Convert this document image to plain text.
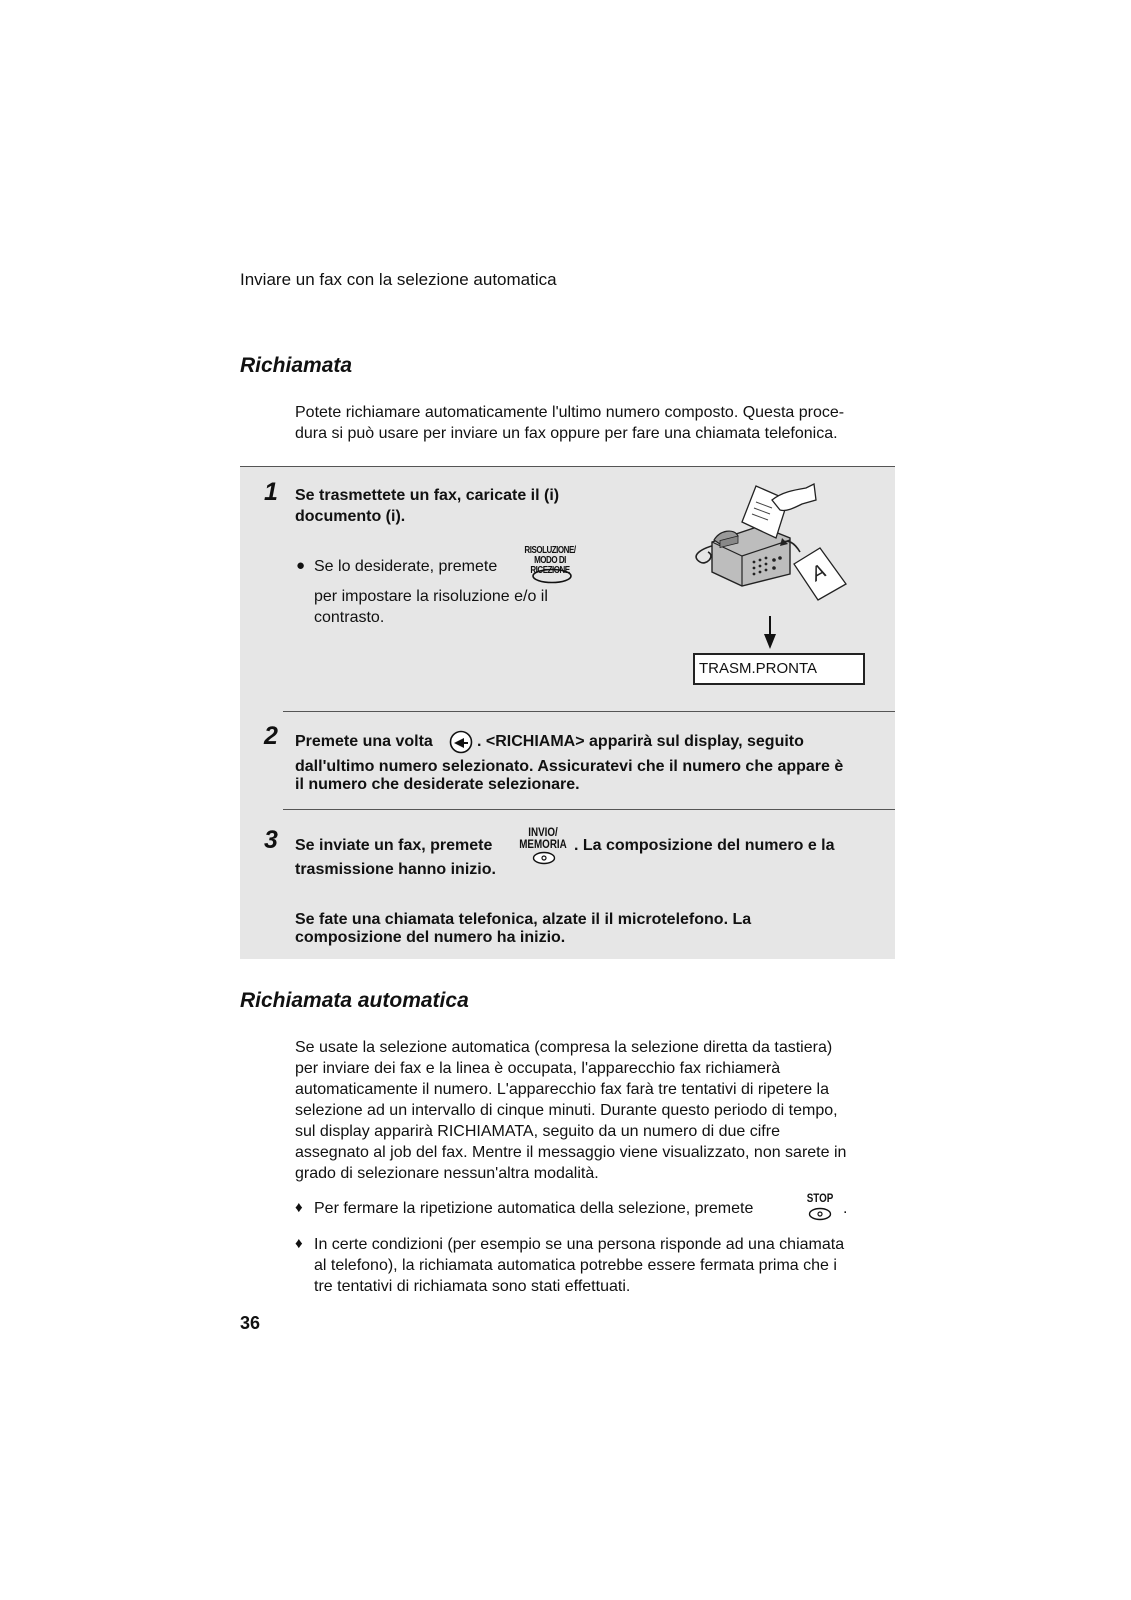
Inviare un fax con la selezione automatica
Richiamata
Potete richiamare automaticamente l'ultimo numero composto. Questa proce-
dura si può usare per inviare un fax oppure per fare una chiamata telefonica.
1 Se trasmettete un fax, caricate il (i)
documento (i).
● Se lo desiderate, premete
RISOLUZIONE/
MODO DI RICEZIONE
per impostare la risoluzione e/o il
contrasto.
A
TRASM.PRONTA
2 Premete una volta	. <RICHIAMA> apparirà sul display, seguito
dall'ultimo numero selezionato. Assicuratevi che il numero che appare è
il numero che desiderate selezionare.
3 Se inviate un fax, premete
INVIO/
MEMORIA . La composizione del numero e la
trasmissione hanno inizio.
Se fate una chiamata telefonica, alzate il il microtelefono. La
composizione del numero ha inizio.
Richiamata automatica
Se usate la selezione automatica (compresa la selezione diretta da tastiera)
per inviare dei fax e la linea è occupata, l'apparecchio fax richiamerà
automaticamente il numero. L'apparecchio fax farà tre tentativi di ripetere la
selezione ad un intervallo di cinque minuti. Durante questo periodo di tempo,
sul display apparirà RICHIAMATA, seguito da un numero di due cifre
assegnato al job del fax. Mentre il messaggio viene visualizzato, non sarete in
grado di selezionare nessun'altra modalità.
♦ Per fermare la ripetizione automatica della selezione, premete
STOP
.
♦ In certe condizioni (per esempio se una persona risponde ad una chiamata
al telefono), la richiamata automatica potrebbe essere fermata prima che i
tre tentativi di richiamata sono stati effettuati.
36
